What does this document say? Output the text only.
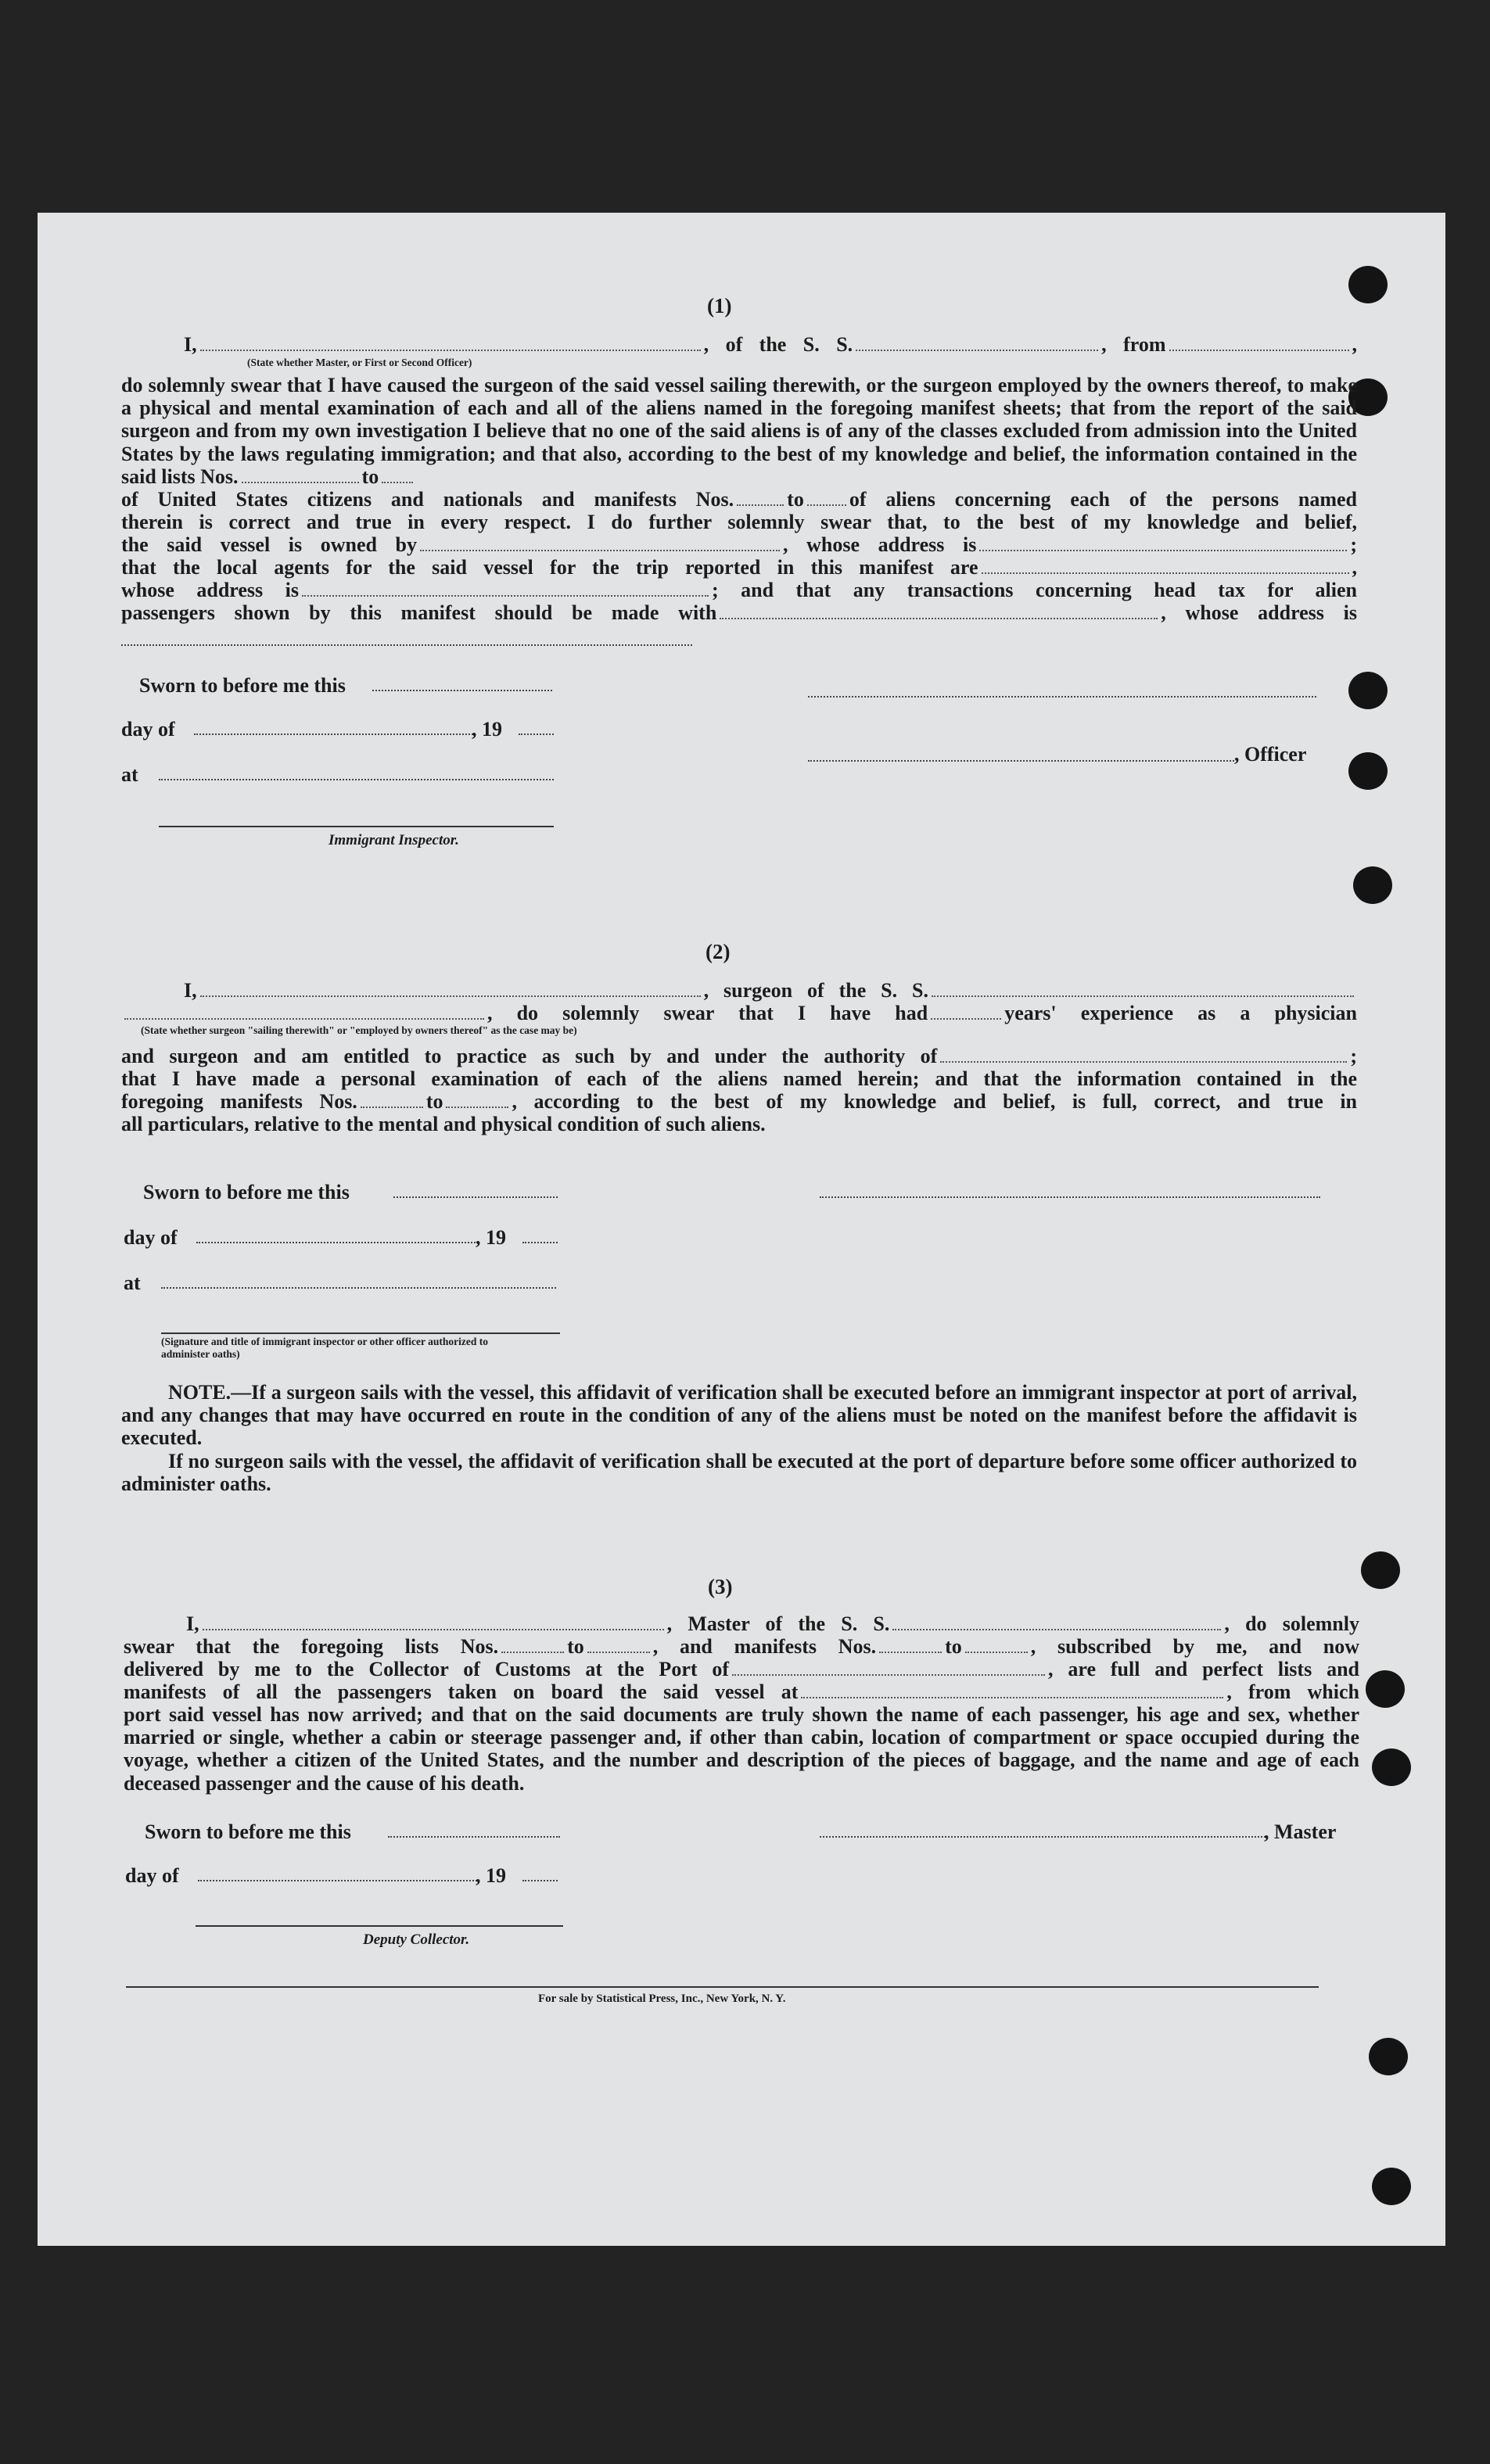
(1)
I,	, of the S. S.	, from	,
(State whether Master, or First or Second Officer)
do solemnly swear that I have caused the surgeon of the said vessel sailing therewith, or the surgeon employed by the owners thereof, to make a physical and mental examination of each and all of the aliens named in the foregoing manifest sheets; that from the report of the said surgeon and from my own investigation I believe that no one of the said aliens is of any of the classes excluded from admission into the United States by the laws regulating immigration; and that also, according to the best of my knowledge and belief, the information contained in the said lists Nos.	to
of United States citizens and nationals and manifests Nos.	to of aliens concerning each of the persons named
therein is correct and true in every respect. I do further solemnly swear that, to the best of my knowledge and belief,
the said vessel is owned by	, whose address is	;
that the local agents for the said vessel for the trip reported in this manifest are	,
whose address is	; and that any transactions concerning head tax for alien
passengers shown by this manifest should be made with	, whose address is
Sworn to before me this
day of	, 19
, Officer
at
Immigrant Inspector.
(2)
I,	, surgeon of the S. S.
, do solemnly swear that I have had	years' experience as a physician
(State whether surgeon "sailing therewith" or "employed by owners thereof" as the case may be)
and surgeon and am entitled to practice as such by and under the authority of	;
that I have made a personal examination of each of the aliens named herein; and that the information contained in the
foregoing manifests Nos.	to	, according to the best of my knowledge and belief, is full, correct, and true in
all particulars, relative to the mental and physical condition of such aliens.
Sworn to before me this
day of	, 19
at
(Signature and title of immigrant inspector or other officer authorized to administer oaths)
NOTE.—If a surgeon sails with the vessel, this affidavit of verification shall be executed before an immigrant inspector at port of arrival, and any changes that may have occurred en route in the condition of any of the aliens must be noted on the manifest before the affidavit is executed.
If no surgeon sails with the vessel, the affidavit of verification shall be executed at the port of departure before some officer authorized to administer oaths.
(3)
I,	, Master of the S. S.	, do solemnly
swear that the foregoing lists Nos.	to	, and manifests Nos.	to	, subscribed by me, and now
delivered by me to the Collector of Customs at the Port of	, are full and perfect lists and
manifests of all the passengers taken on board the said vessel at	, from which
port said vessel has now arrived; and that on the said documents are truly shown the name of each passenger, his age and sex, whether married or single, whether a cabin or steerage passenger and, if other than cabin, location of compartment or space occupied during the voyage, whether a citizen of the United States, and the number and description of the pieces of baggage, and the name and age of each deceased passenger and the cause of his death.
Sworn to before me this	, Master
day of	, 19
Deputy Collector.
For sale by Statistical Press, Inc., New York, N. Y.
